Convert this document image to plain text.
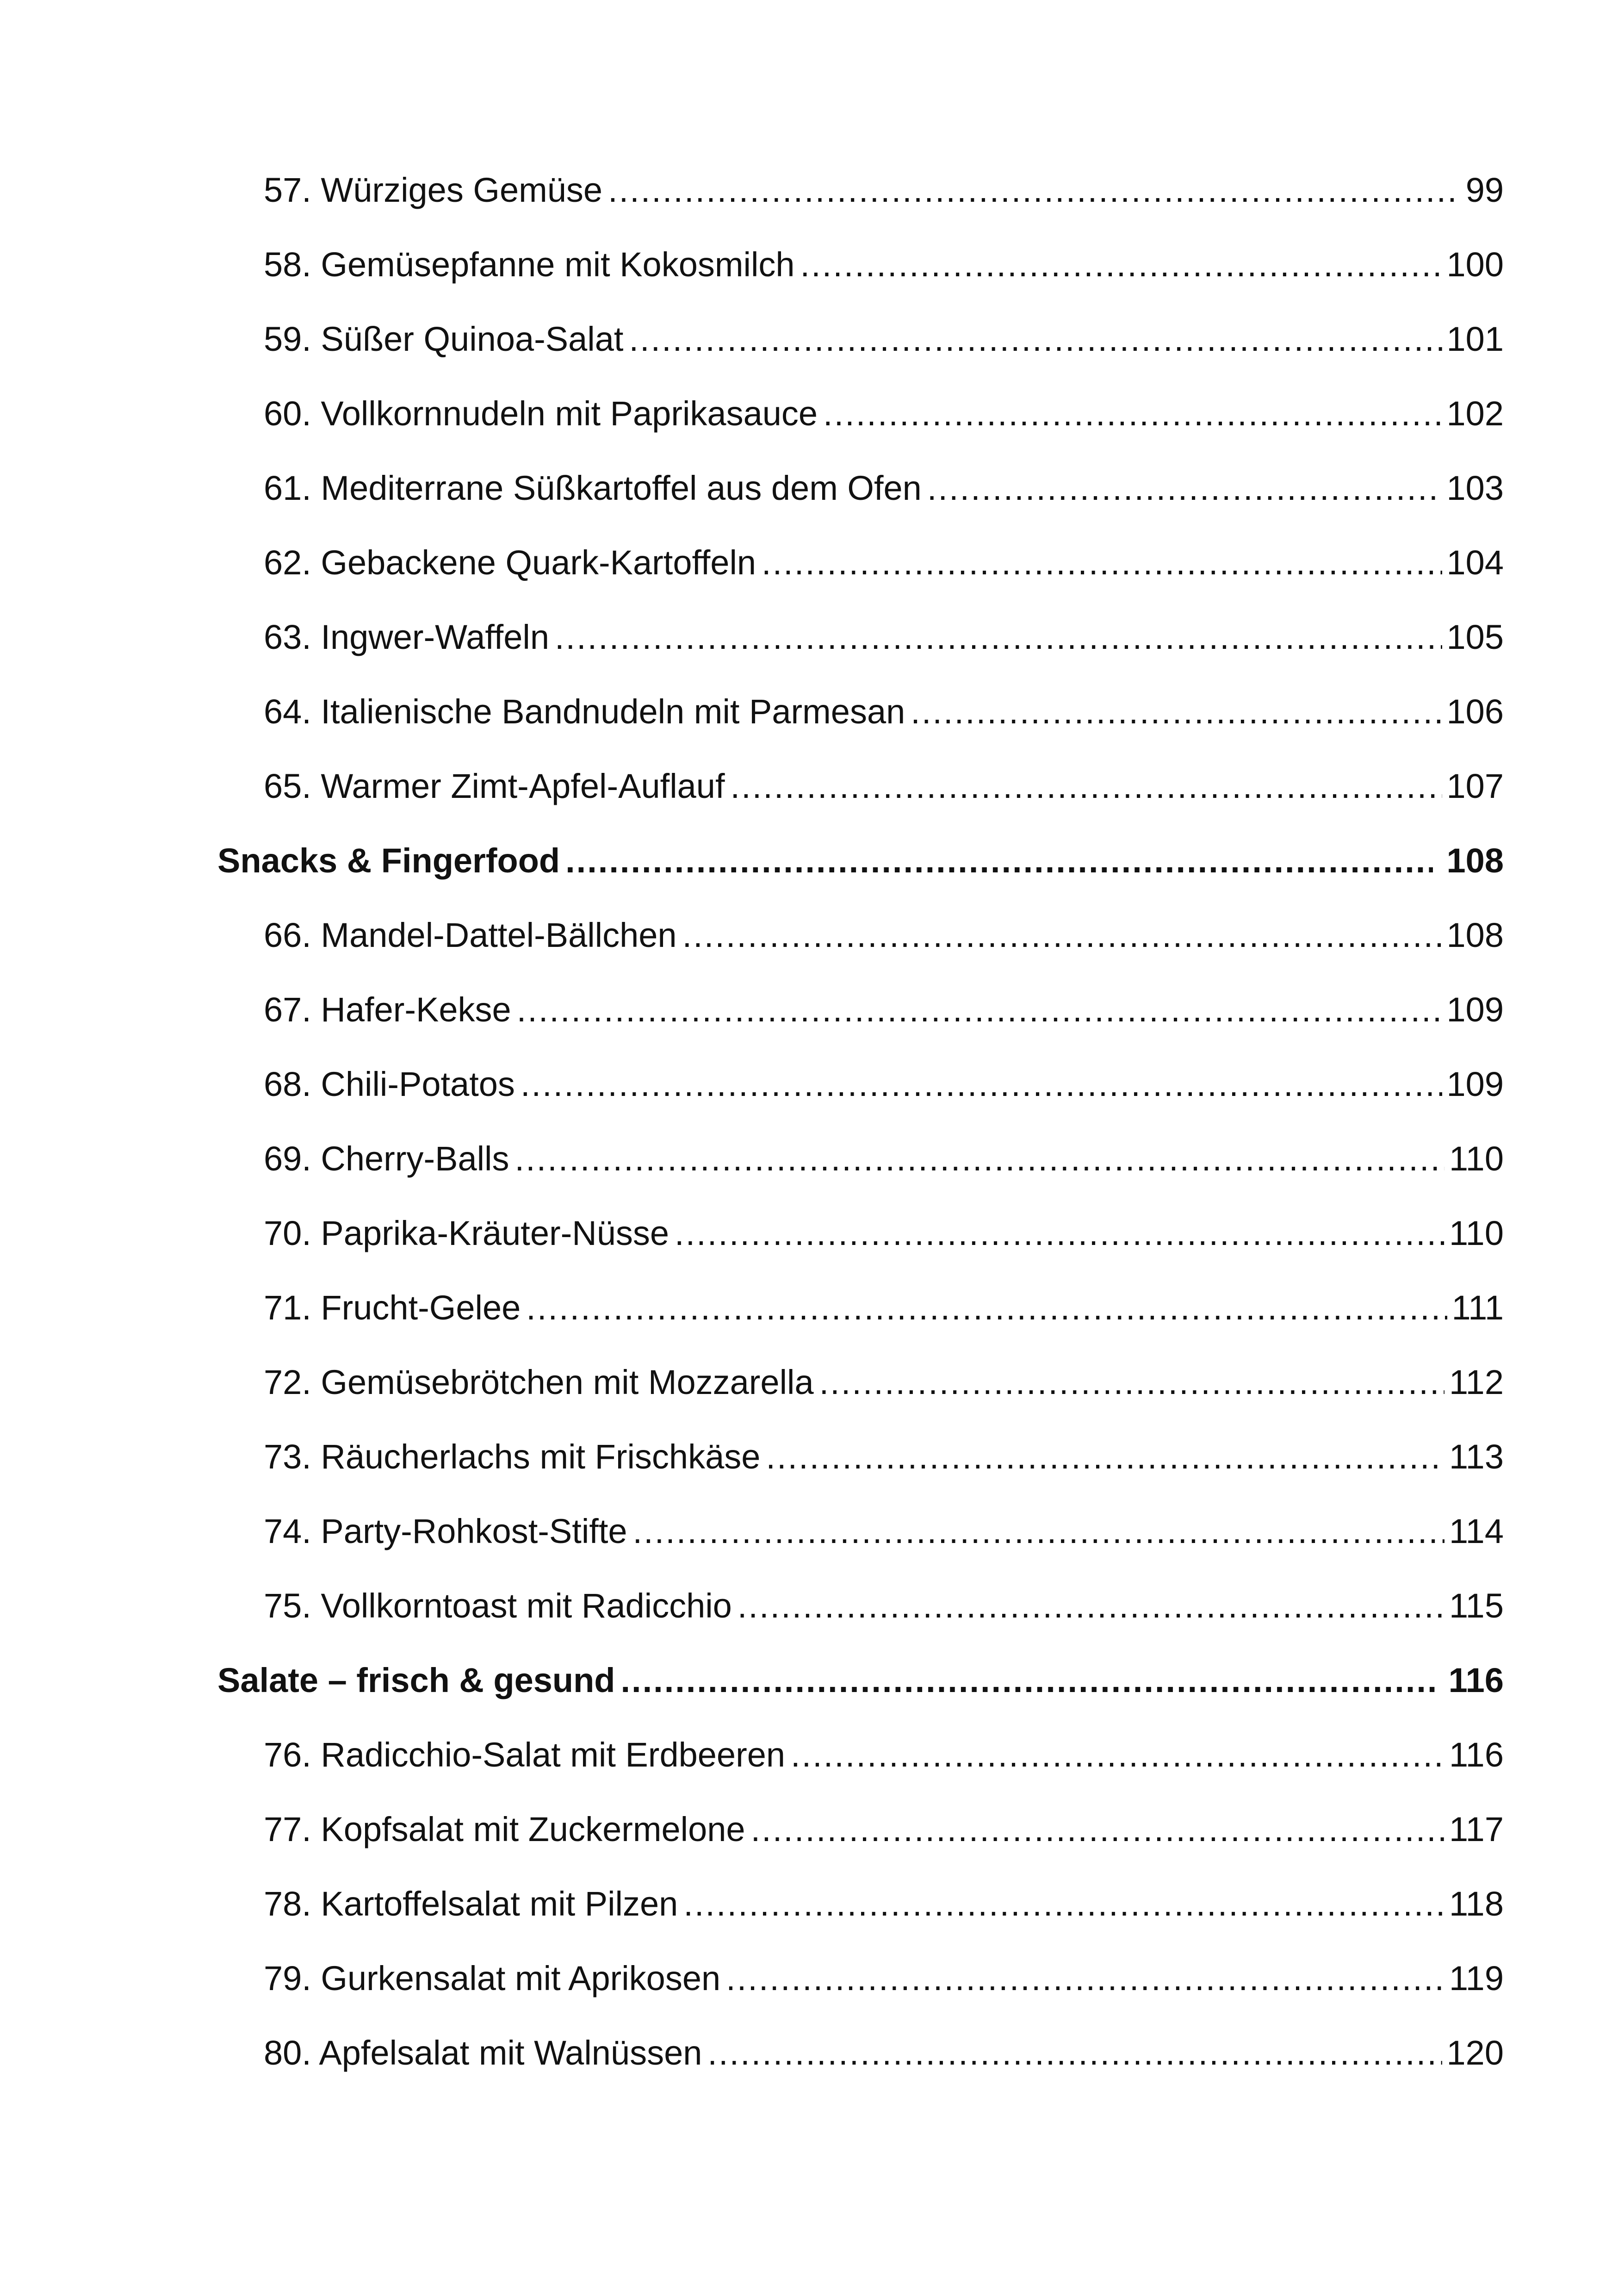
57. Würziges Gemüse .....	99
58. Gemüsepfanne mit Kokosmilch .....	100
59. Süßer Quinoa-Salat .....	101
60. Vollkornnudeln mit Paprikasauce .....	102
61. Mediterrane Süßkartoffel aus dem Ofen .....	103
62. Gebackene Quark-Kartoffeln .....	104
63. Ingwer-Waffeln .....	105
64. Italienische Bandnudeln mit Parmesan .....	106
65. Warmer Zimt-Apfel-Auflauf .....	107
Snacks & Fingerfood .....	108
66. Mandel-Dattel-Bällchen .....	108
67. Hafer-Kekse .....	109
68. Chili-Potatos .....	109
69. Cherry-Balls .....	110
70. Paprika-Kräuter-Nüsse .....	110
71. Frucht-Gelee .....	111
72. Gemüsebrötchen mit Mozzarella .....	112
73. Räucherlachs mit Frischkäse .....	113
74. Party-Rohkost-Stifte .....	114
75. Vollkorntoast mit Radicchio .....	115
Salate – frisch & gesund .....	116
76. Radicchio-Salat mit Erdbeeren .....	116
77. Kopfsalat mit Zuckermelone .....	117
78. Kartoffelsalat mit Pilzen .....	118
79. Gurkensalat mit Aprikosen .....	119
80. Apfelsalat mit Walnüssen .....	120
